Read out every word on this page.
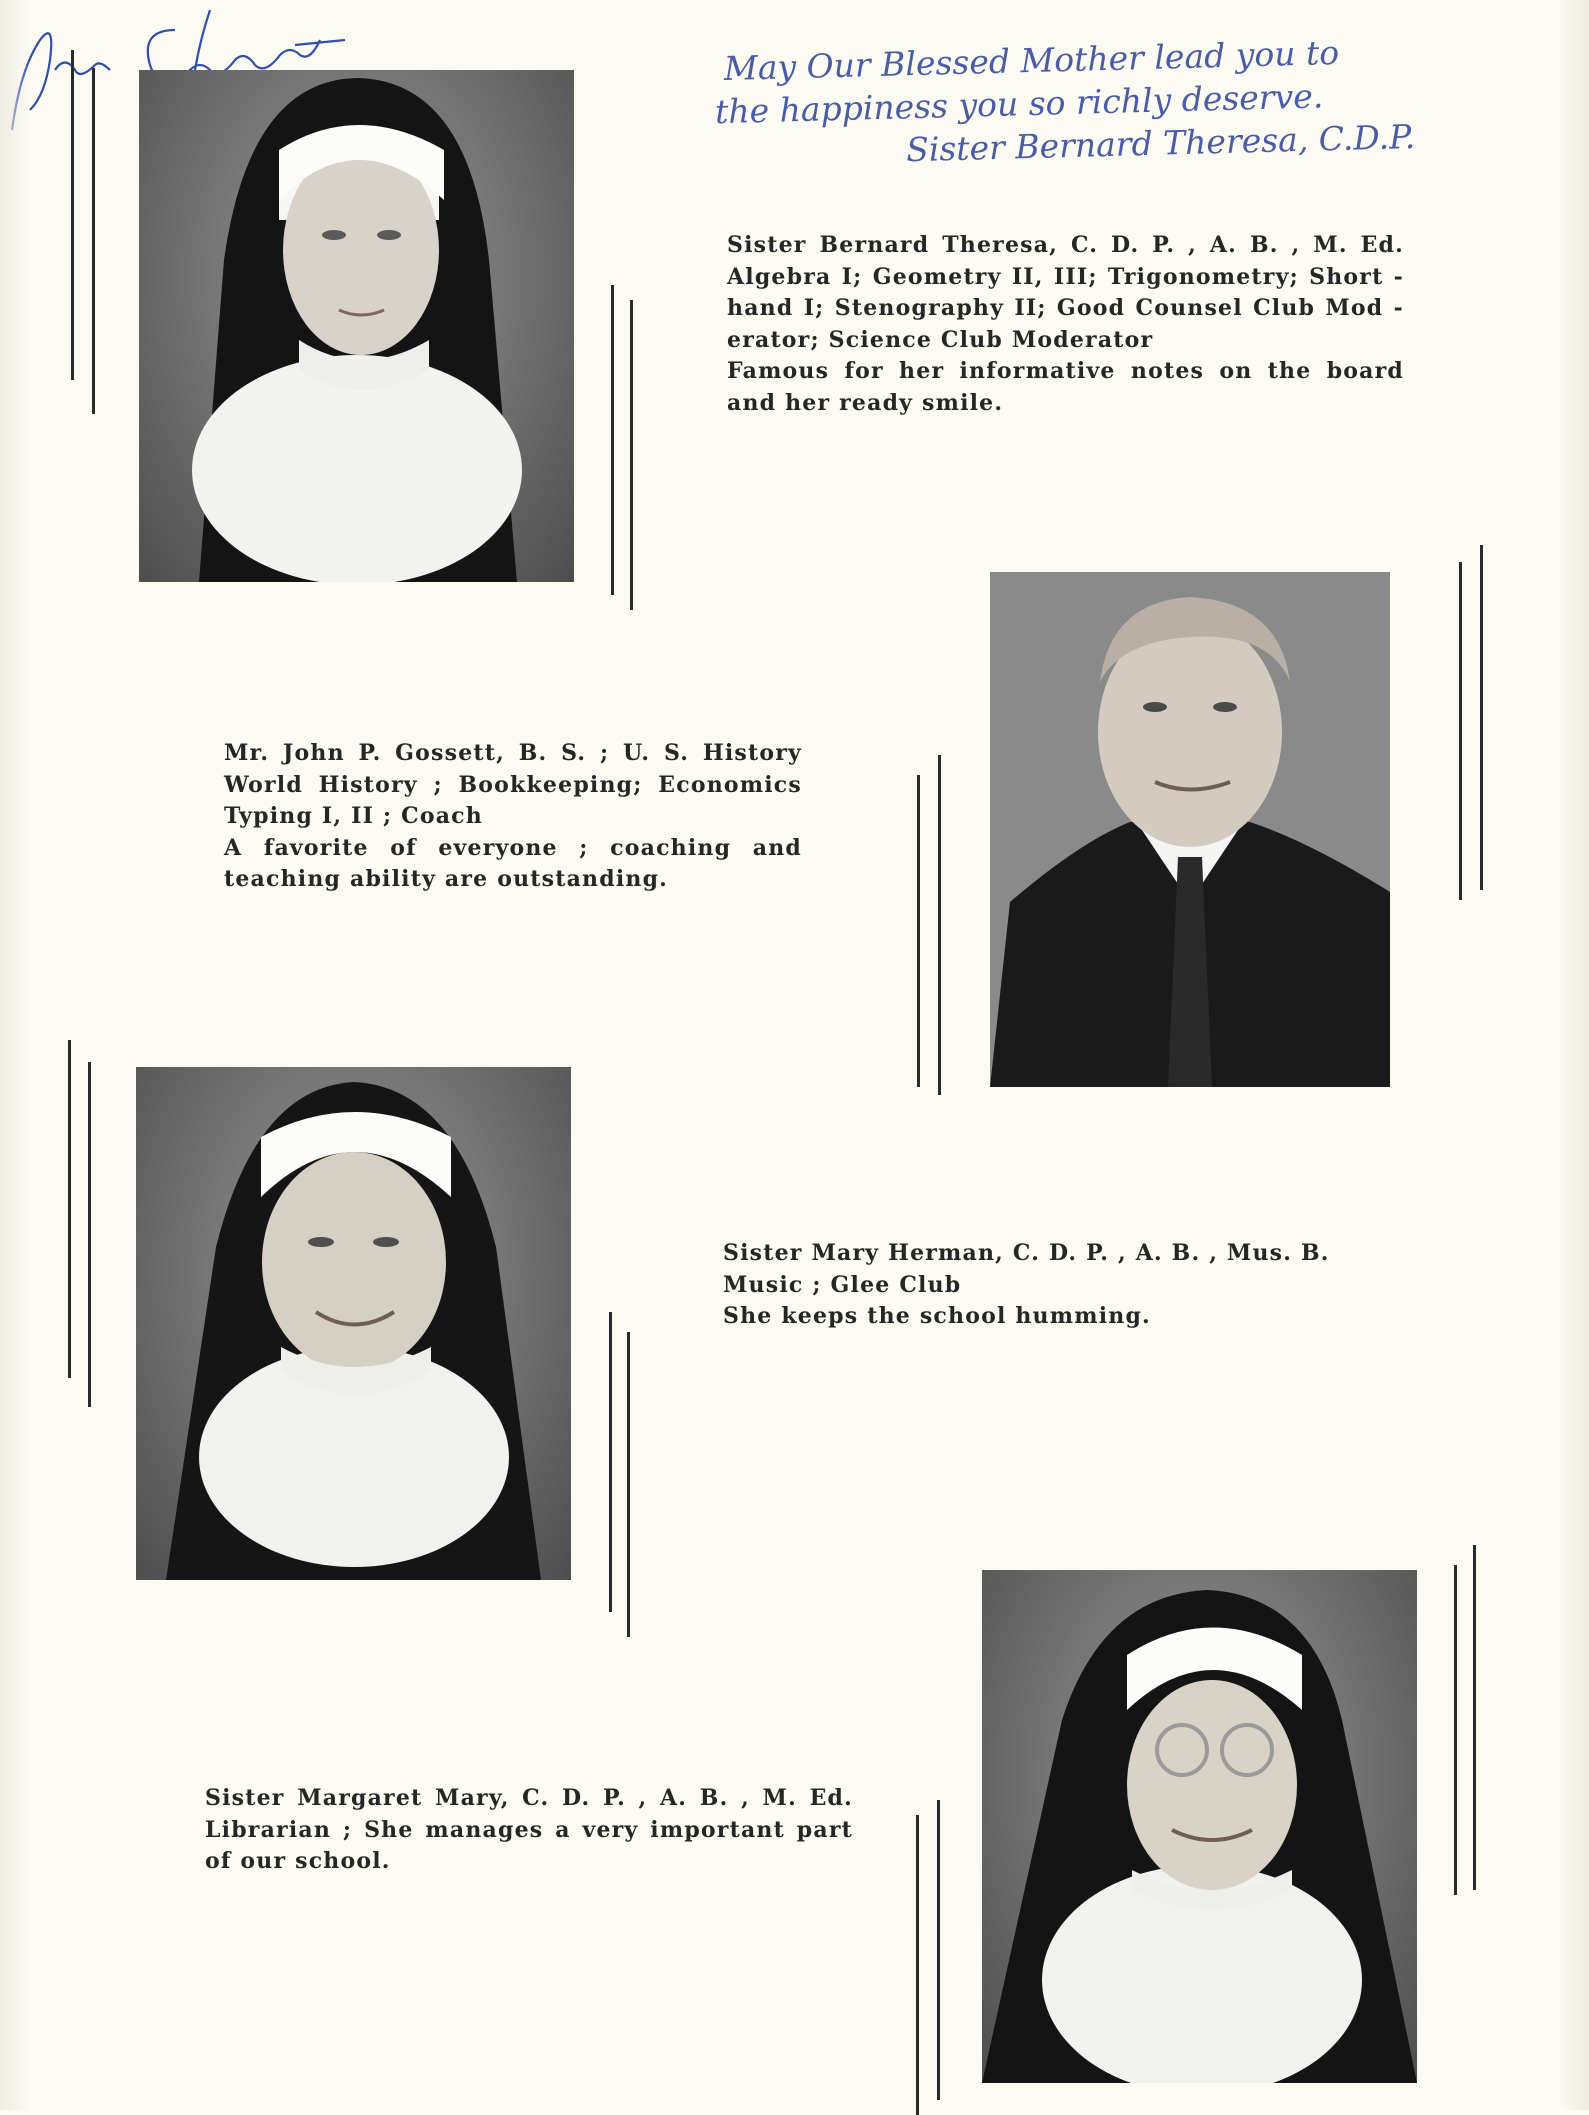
May Our Blessed Mother lead you to
the happiness you so richly deserve.
Sister Bernard Theresa, C.D.P.
Sister Bernard Theresa, C. D. P. , A. B. , M. Ed.
Algebra I; Geometry II, III; Trigonometry; Short -
hand I; Stenography II; Good Counsel Club Mod -
erator; Science Club Moderator
Famous for her informative notes on the board
and her ready smile.
Mr. John P. Gossett, B. S. ; U. S. History
World History ; Bookkeeping; Economics
Typing I, II ; Coach
A favorite of everyone ; coaching and
teaching ability are outstanding.
Sister Mary Herman, C. D. P. , A. B. , Mus. B.
Music ; Glee Club
She keeps the school humming.
Sister Margaret Mary, C. D. P. , A. B. , M. Ed.
Librarian ; She manages a very important part
of our school.
